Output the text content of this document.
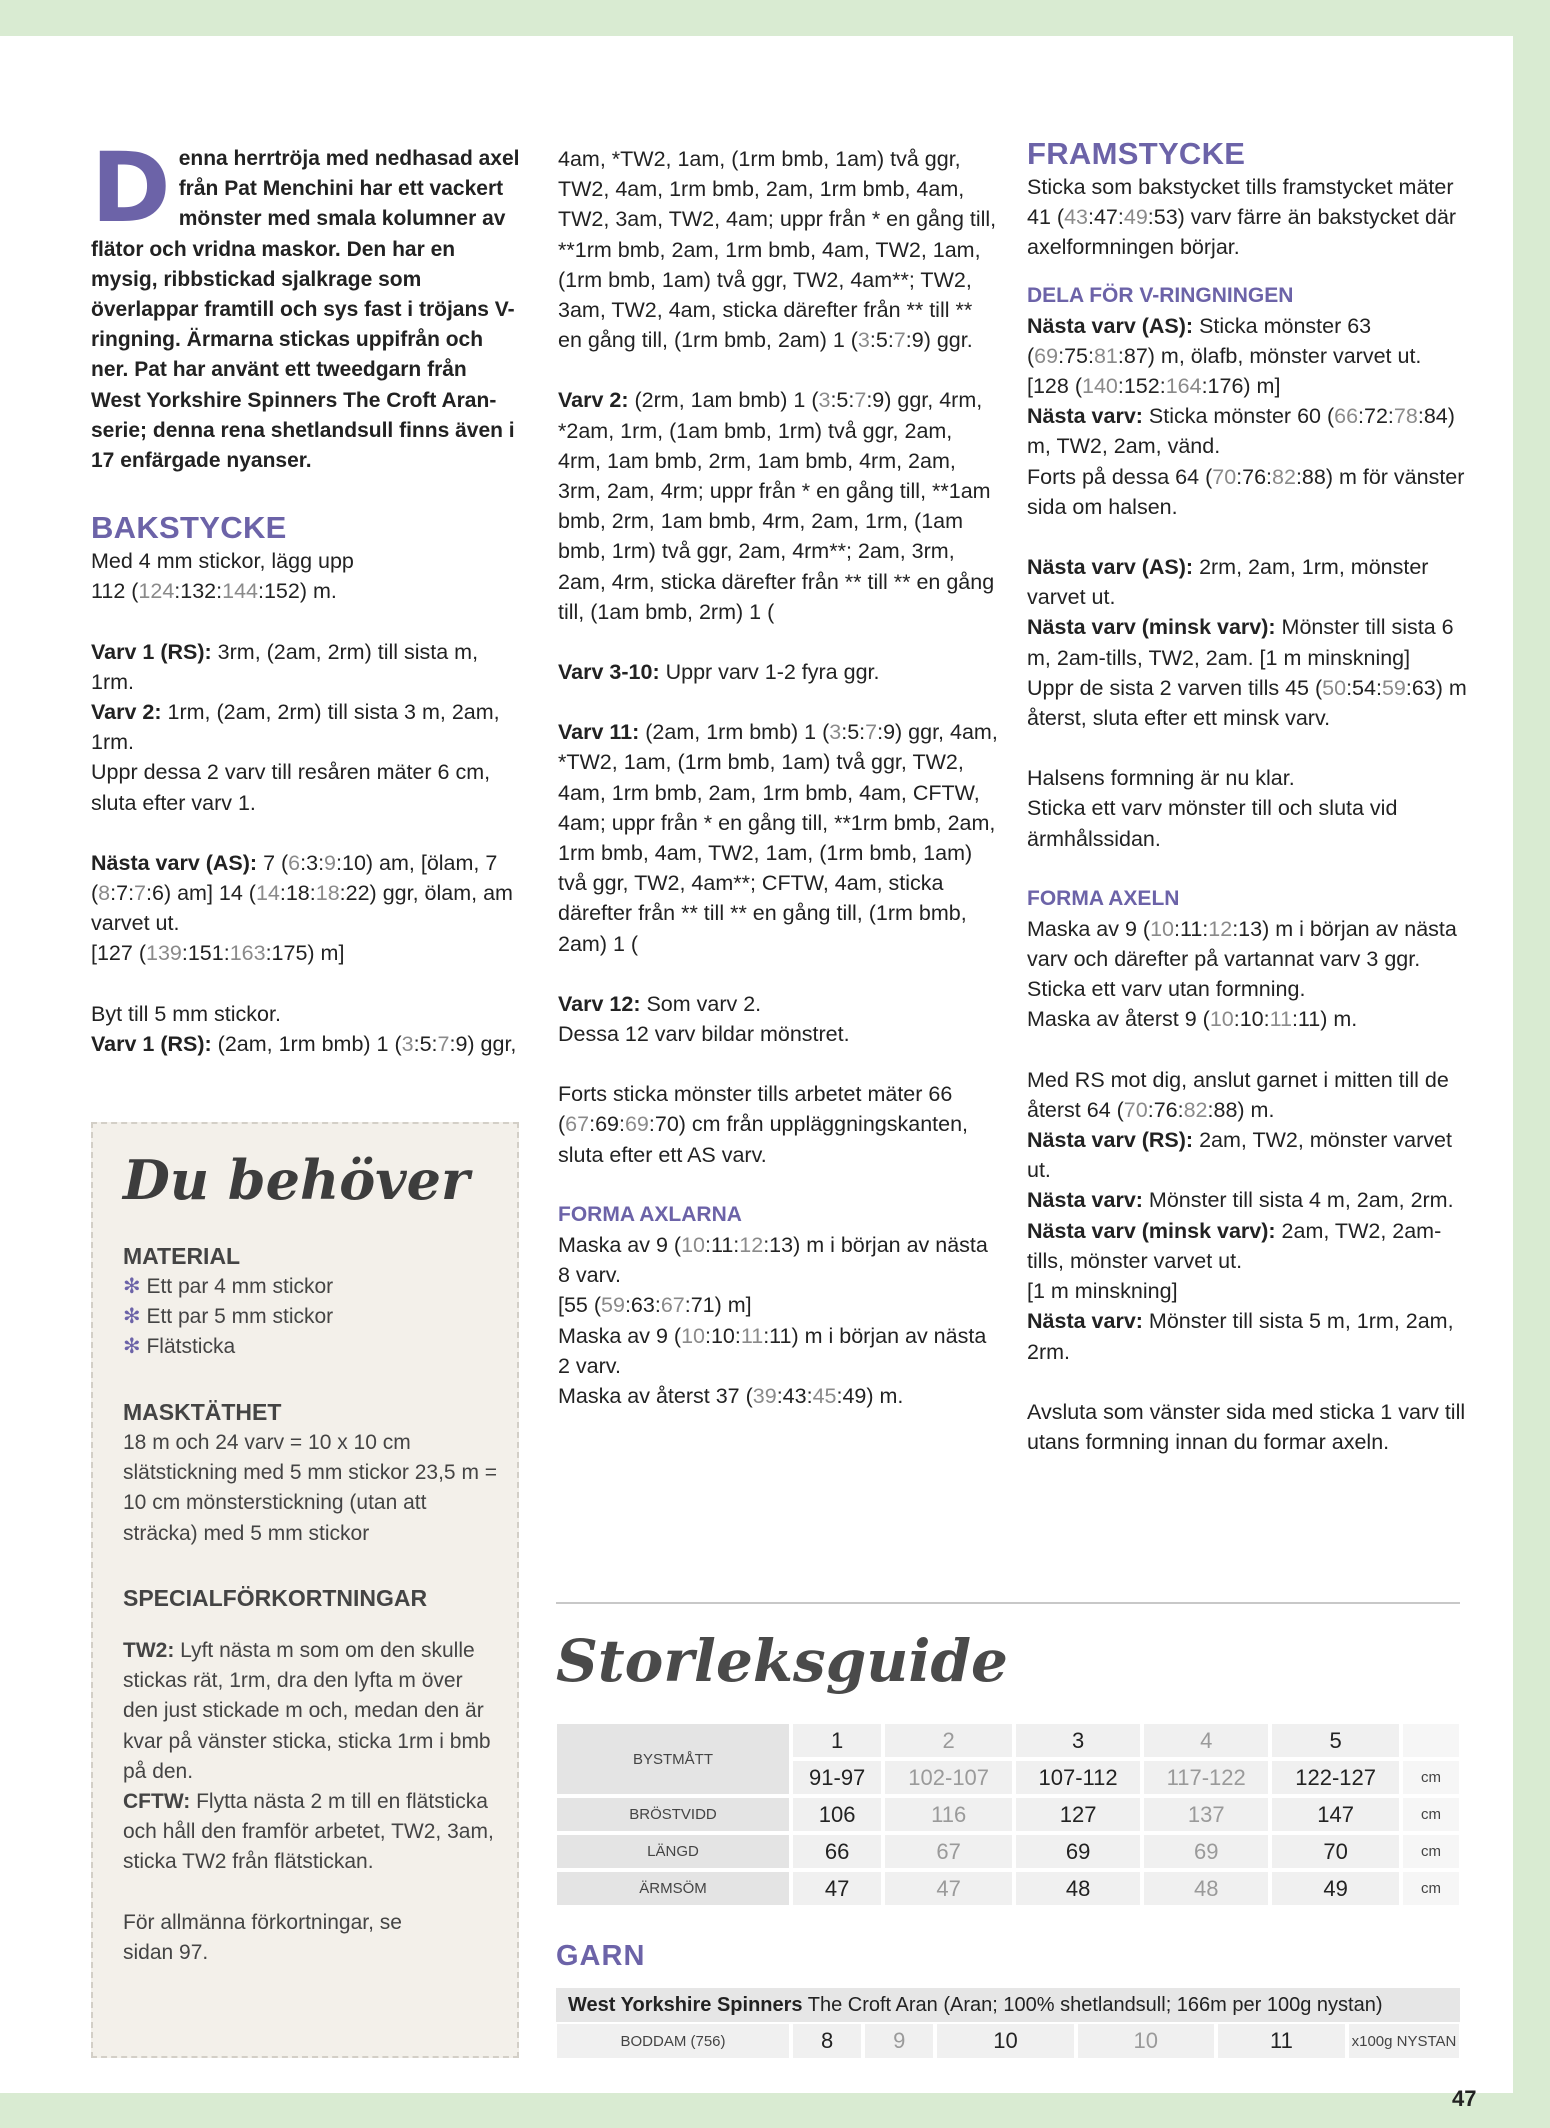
Denna herrtröja med nedhasad axel från Pat Menchini har ett vackert mönster med smala kolumner av flätor och vridna maskor. Den har en mysig, ribbstickad sjalkrage som överlappar framtill och sys fast i tröjans V-ringning. Ärmarna stickas uppifrån och ner. Pat har använt ett tweedgarn från West Yorkshire Spinners The Croft Aran-serie; denna rena shetlandsull finns även i 17 enfärgade nyanser.

BAKSTYCKE

Med 4 mm stickor, lägg upp
112 (124:132:144:152) m.

Varv 1 (RS): 3rm, (2am, 2rm) till sista m, 1rm.

Varv 2: 1rm, (2am, 2rm) till sista 3 m, 2am, 1rm.

Uppr dessa 2 varv till resåren mäter 6 cm, sluta efter varv 1.

Nästa varv (AS): 7 (6:3:9:10) am, [ölam, 7 (8:7:7:6) am] 14 (14:18:18:22) ggr, ölam, am varvet ut.

[127 (139:151:163:175) m]

Byt till 5 mm stickor.

Varv 1 (RS): (2am, 1rm bmb) 1 (3:5:7:9) ggr,

Du behöver

MATERIAL

✻ Ett par 4 mm stickor

✻ Ett par 5 mm stickor

✻ Flätsticka

MASKTÄTHET

18 m och 24 varv = 10 x 10 cm slätstickning med 5 mm stickor 23,5 m = 10 cm mönsterstickning (utan att sträcka) med 5 mm stickor

SPECIALFÖRKORTNINGAR

TW2: Lyft nästa m som om den skulle stickas rät, 1rm, dra den lyfta m över den just stickade m och, medan den är kvar på vänster sticka, sticka 1rm i bmb på den.

CFTW: Flytta nästa 2 m till en flätsticka och håll den framför arbetet, TW2, 3am, sticka TW2 från flätstickan.

För allmänna förkortningar, se sidan 97.

4am, *TW2, 1am, (1rm bmb, 1am) två ggr, TW2, 4am, 1rm bmb, 2am, 1rm bmb, 4am, TW2, 3am, TW2, 4am; uppr från * en gång till, **1rm bmb, 2am, 1rm bmb, 4am, TW2, 1am, (1rm bmb, 1am) två ggr, TW2, 4am**; TW2, 3am, TW2, 4am, sticka därefter från ** till ** en gång till, (1rm bmb, 2am) 1 (3:5:7:9) ggr.

Varv 2: (2rm, 1am bmb) 1 (3:5:7:9) ggr, 4rm, *2am, 1rm, (1am bmb, 1rm) två ggr, 2am, 4rm, 1am bmb, 2rm, 1am bmb, 4rm, 2am, 3rm, 2am, 4rm; uppr från * en gång till, **1am bmb, 2rm, 1am bmb, 4rm, 2am, 1rm, (1am bmb, 1rm) två ggr, 2am, 4rm**; 2am, 3rm, 2am, 4rm, sticka därefter från ** till ** en gång till, (1am bmb, 2rm) 1 (

Varv 3-10: Uppr varv 1-2 fyra ggr.

Varv 11: (2am, 1rm bmb) 1 (3:5:7:9) ggr, 4am, *TW2, 1am, (1rm bmb, 1am) två ggr, TW2, 4am, 1rm bmb, 2am, 1rm bmb, 4am, CFTW, 4am; uppr från * en gång till, **1rm bmb, 2am, 1rm bmb, 4am, TW2, 1am, (1rm bmb, 1am) två ggr, TW2, 4am**; CFTW, 4am, sticka därefter från ** till ** en gång till, (1rm bmb, 2am) 1 (

Varv 12: Som varv 2.

Dessa 12 varv bildar mönstret.

Forts sticka mönster tills arbetet mäter 66 (67:69:69:70) cm från uppläggningskanten, sluta efter ett AS varv.

FORMA AXLARNA

Maska av 9 (10:11:12:13) m i början av nästa 8 varv.

[55 (59:63:67:71) m]

Maska av 9 (10:10:11:11) m i början av nästa 2 varv.

Maska av återst 37 (39:43:45:49) m.

FRAMSTYCKE

Sticka som bakstycket tills framstycket mäter 41 (43:47:49:53) varv färre än bakstycket där axelformningen börjar.

DELA FÖR V-RINGNINGEN

Nästa varv (AS): Sticka mönster 63 (69:75:81:87) m, ölafb, mönster varvet ut.

[128 (140:152:164:176) m]

Nästa varv: Sticka mönster 60 (66:72:78:84) m, TW2, 2am, vänd.

Forts på dessa 64 (70:76:82:88) m för vänster sida om halsen.

Nästa varv (AS): 2rm, 2am, 1rm, mönster varvet ut.

Nästa varv (minsk varv): Mönster till sista 6 m, 2am-tills, TW2, 2am. [1 m minskning]

Uppr de sista 2 varven tills 45 (50:54:59:63) m återst, sluta efter ett minsk varv.

Halsens formning är nu klar.

Sticka ett varv mönster till och sluta vid ärmhålssidan.

FORMA AXELN

Maska av 9 (10:11:12:13) m i början av nästa varv och därefter på vartannat varv 3 ggr.

Sticka ett varv utan formning.

Maska av återst 9 (10:10:11:11) m.

Med RS mot dig, anslut garnet i mitten till de återst 64 (70:76:82:88) m.

Nästa varv (RS): 2am, TW2, mönster varvet ut.

Nästa varv: Mönster till sista 4 m, 2am, 2rm.

Nästa varv (minsk varv): 2am, TW2, 2am-tills, mönster varvet ut.

[1 m minskning]

Nästa varv: Mönster till sista 5 m, 1rm, 2am, 2rm.

Avsluta som vänster sida med sticka 1 varv till utans formning innan du formar axeln.

Storleksguide
BYSTMÅTT	1	2	3	4	5	
	91-97	102-107	107-112	117-122	122-127	cm
BRÖSTVIDD	106	116	127	137	147	cm
LÄNGD	66	67	69	69	70	cm
ÄRMSÖM	47	47	48	48	49	cm
GARN
West Yorkshire Spinners The Croft Aran (Aran; 100% shetlandsull; 166m per 100g nystan)
BODDAM (756)	8	9	10	10	11	x100g NYSTAN
47
